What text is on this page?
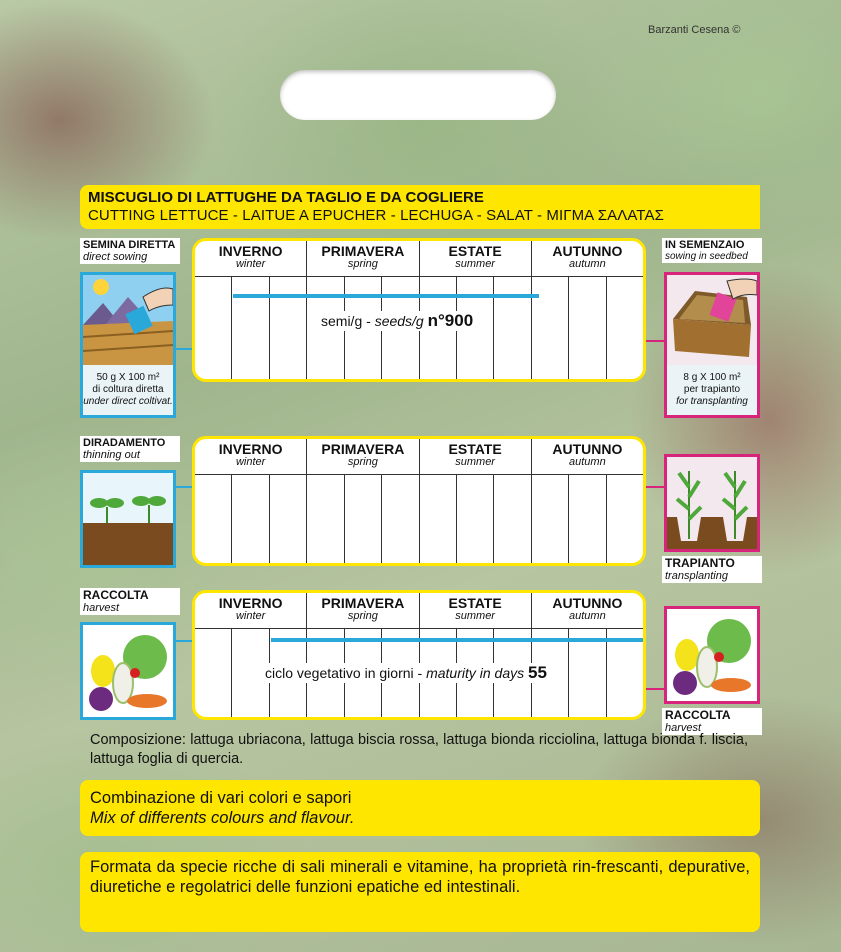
Barzanti Cesena ©
MISCUGLIO DI LATTUGHE DA TAGLIO E DA COGLIERE
CUTTING LETTUCE - LAITUE A EPUCHER - LECHUGA - SALAT - ΜΙΓΜΑ ΣΑΛΑΤΑΣ
SEMINA DIRETTA
direct sowing
50 g X 100 m²
di coltura diretta
under direct coltivat.
INVERNO
winter
PRIMAVERA
spring
ESTATE
summer
AUTUNNO
autumn
semi/g - seeds/g n°900
IN SEMENZAIO
sowing in seedbed
8 g X 100 m²
per trapianto
for transplanting
DIRADAMENTO
thinning out	INVERNO
winter
PRIMAVERA
spring
ESTATE
summer
AUTUNNO
autumn
TRAPIANTO
transplanting
RACCOLTA
harvest	INVERNO
winter
PRIMAVERA
spring
ESTATE
summer
AUTUNNO
autumn
ciclo vegetativo in giorni - maturity in days 55
RACCOLTA
harvest
Composizione: lattuga ubriacona, lattuga biscia rossa, lattuga bionda ricciolina, lattuga bionda f. liscia, lattuga foglia di quercia.
Combinazione di vari colori e sapori
Mix of differents colours and flavour.
Formata da specie ricche di sali minerali e vitamine, ha proprietà rin-frescanti, depurative, diuretiche e regolatrici delle funzioni epatiche ed intestinali.
